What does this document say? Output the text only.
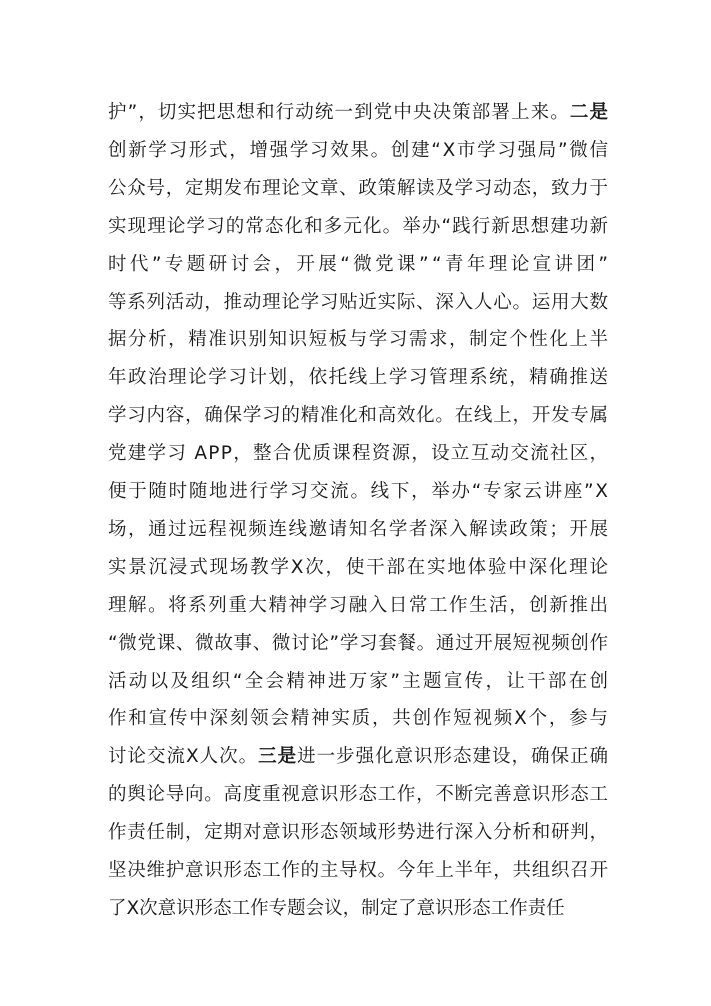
护”，切实把思想和行动统一到党中央决策部署上来。 二是
创新学习形式，增强学习效果。创建“X市学习强局”微信
公众号，定期发布理论文章、政策解读及学习动态，致力于
实现理论学习的常态化和多元化。举办“践行新思想建功新
时代”专题研讨会，开展“微党课”“青年理论宣讲团”
等系列活动，推动理论学习贴近实际、深入人心。运用大数
据分析，精准识别知识短板与学习需求，制定个性化上半
年政治理论学习计划，依托线上学习管理系统，精确推送
学习内容，确保学习的精准化和高效化。在线上，开发专属
党建学习 APP，整合优质课程资源，设立互动交流社区，
便于随时随地进行学习交流。线下，举办“专家云讲座”X
场，通过远程视频连线邀请知名学者深入解读政策；开展
实景沉浸式现场教学X次，使干部在实地体验中深化理论
理解。将系列重大精神学习融入日常工作生活，创新推出
“微党课、微故事、微讨论”学习套餐。通过开展短视频创作
活动以及组织“全会精神进万家”主题宣传，让干部在创
作和宣传中深刻领会精神实质，共创作短视频X个，参与
讨论交流X人次。 三是 进一步强化意识形态建设，确保正确
的舆论导向。高度重视意识形态工作，不断完善意识形态工
作责任制，定期对意识形态领域形势进行深入分析和研判，
坚决维护意识形态工作的主导权。今年上半年，共组织召开
了X次意识形态工作专题会议，制定了意识形态工作责任
